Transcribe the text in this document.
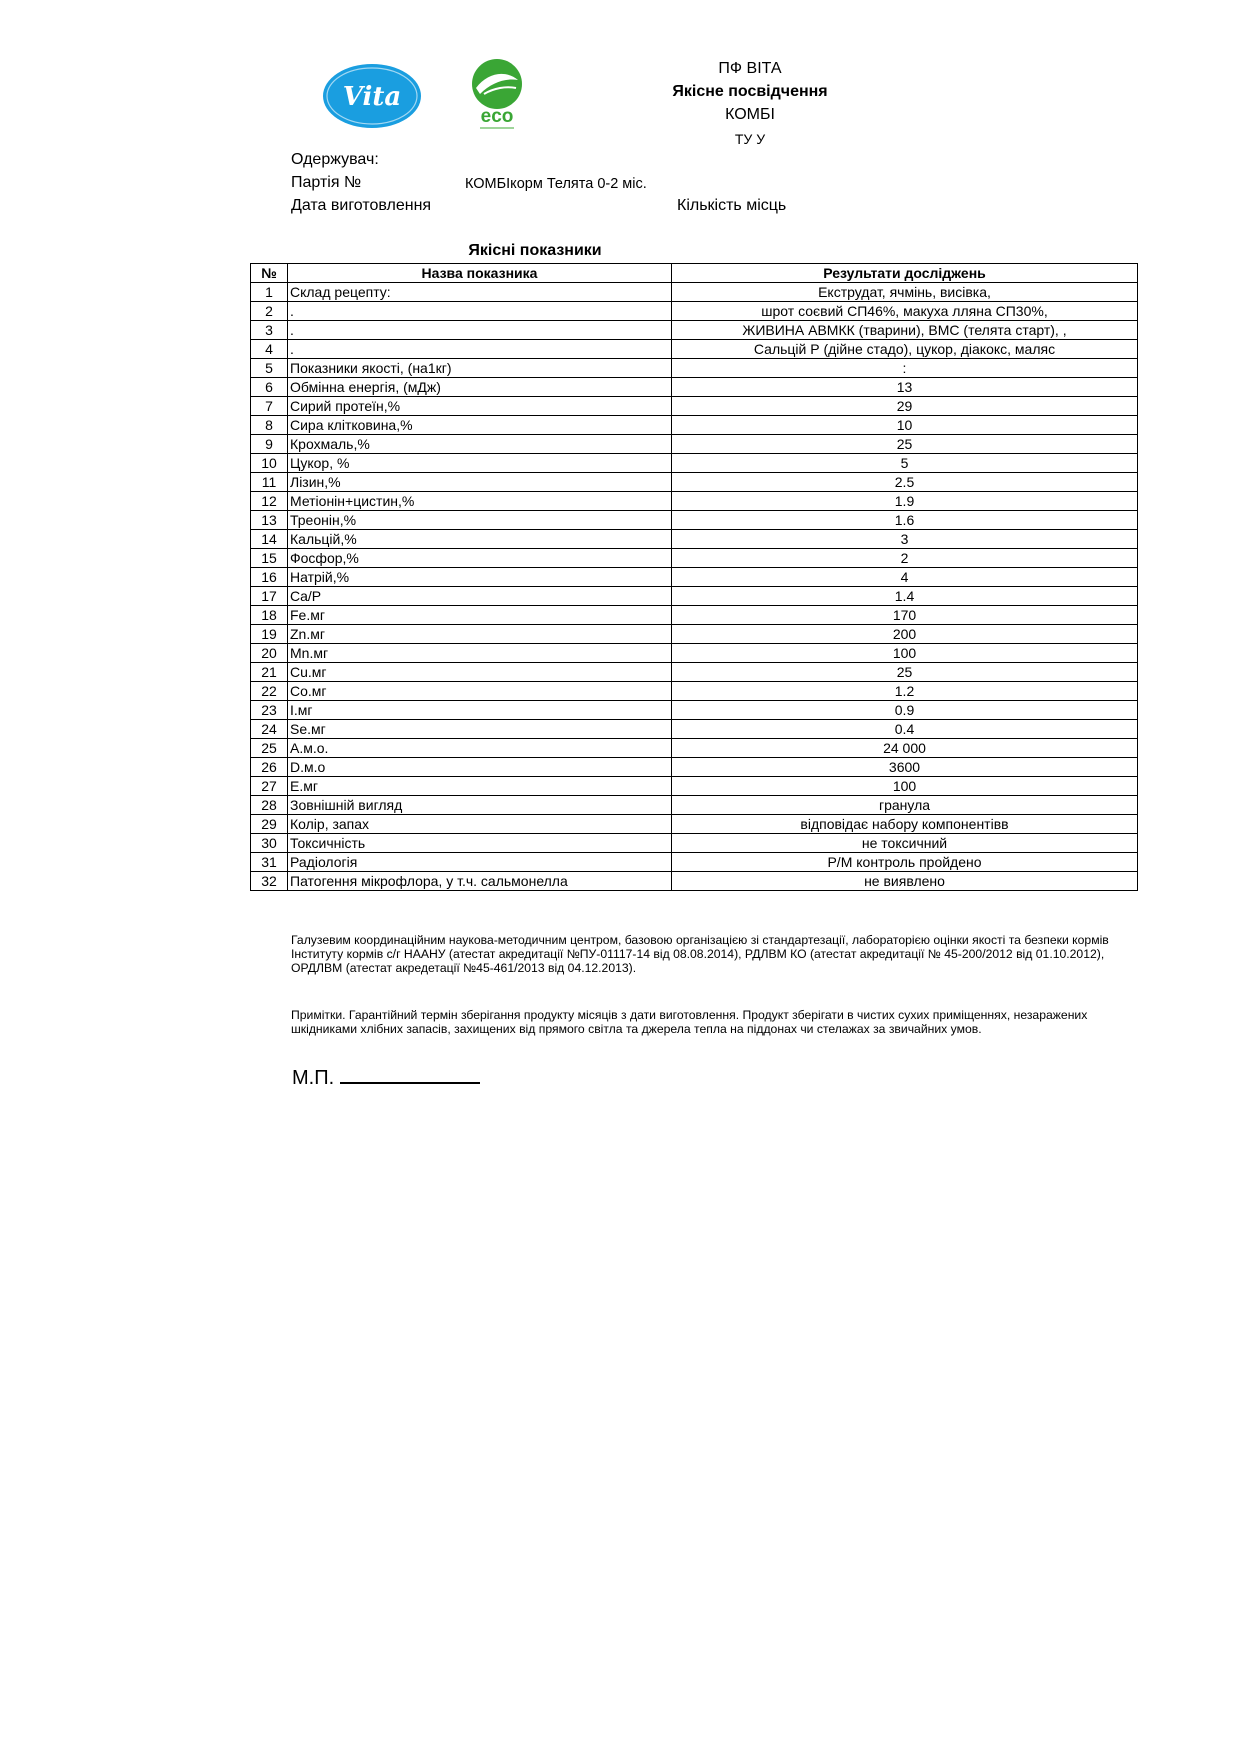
Vita
eco
ПФ ВІТА
Якісне посвідчення
КОМБІ
ТУ У
Одержувач:
Партія №	КОМБІкорм Телята 0-2 міс.
Дата виготовлення	Кількість місць
Якісні показники
№	Назва показника	Результати досліджень
1	Склад рецепту:	Екструдат, ячмінь, висівка,
2	.	шрот соєвий СП46%, макуха лляна СП30%,
3	.	ЖИВИНА АВМКК (тварини), ВМС (телята старт), ,
4	.	Сальцій Р (дійне стадо), цукор, діакокс, маляс
5	Показники якості, (на1кг)	:
6	Обмінна енергія, (мДж)	13
7	Сирий протеїн,%	29
8	Сира клітковина,%	10
9	Крохмаль,%	25
10	Цукор, %	5
11	Лізин,%	2.5
12	Метіонін+цистин,%	1.9
13	Треонін,%	1.6
14	Кальцій,%	3
15	Фосфор,%	2
16	Натрій,%	4
17	Ca/P	1.4
18	Fe.мг	170
19	Zn.мг	200
20	Mn.мг	100
21	Cu.мг	25
22	Co.мг	1.2
23	I.мг	0.9
24	Se.мг	0.4
25	A.м.о.	24 000
26	D.м.о	3600
27	E.мг	100
28	Зовнішній вигляд	гранула
29	Колір, запах	відповідає набору компонентівв
30	Токсичність	не токсичний
31	Радіологія	Р/М контроль пройдено
32	Патогення мікрофлора, у т.ч. сальмонелла	не виявлено
Галузевим координаційним наукова-методичним центром, базовою організацією зі стандартезації, лабораторією оцінки якості та безпеки кормів Інституту кормів с/г НААНУ (атестат акредитації №ПУ-01117-14 від 08.08.2014), РДЛВМ КО (атестат акредитації № 45-200/2012 від 01.10.2012), ОРДЛВМ (атестат акредетації №45-461/2013 від 04.12.2013).
Примітки. Гарантійний термін зберігання продукту місяців з дати виготовлення. Продукт зберігати в чистих сухих приміщеннях, незаражених шкідниками хлібних запасів, захищених від прямого світла та джерела тепла на піддонах чи стелажах за звичайних умов.
М.П.
